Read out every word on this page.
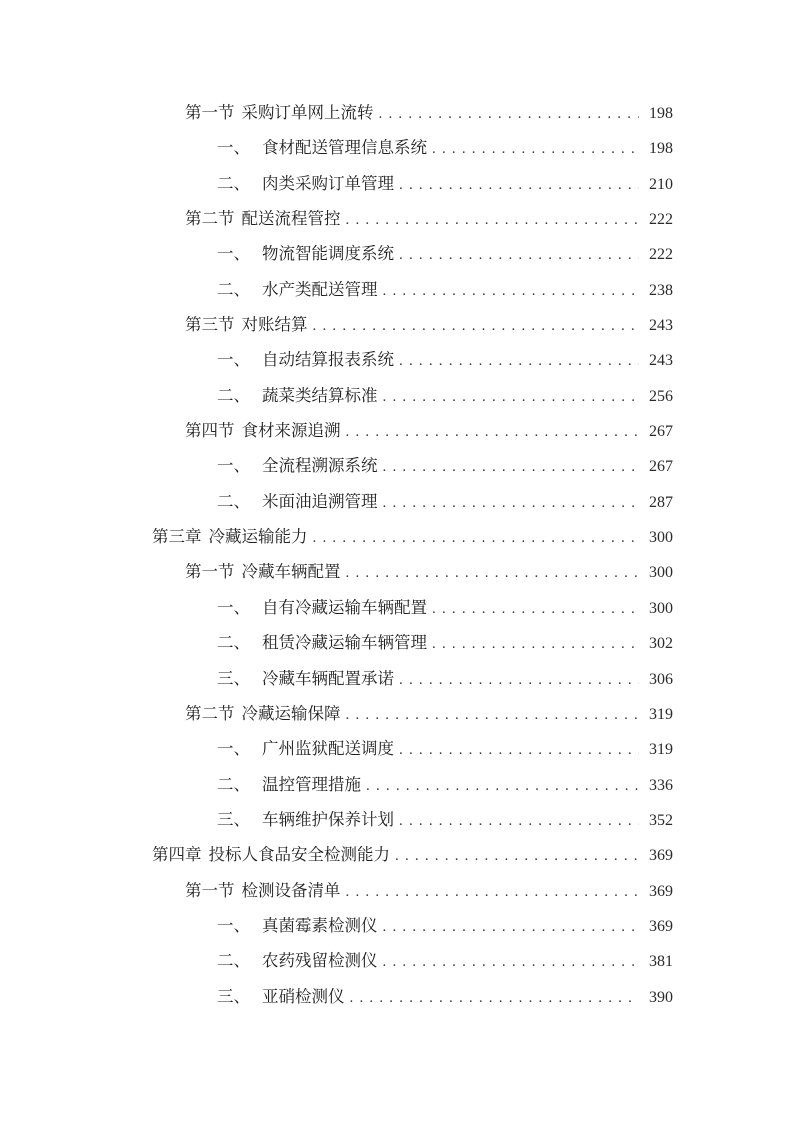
第一节 采购订单网上流转 .....	198
一、 食材配送管理信息系统 .....	198
二、 肉类采购订单管理 .....	210
第二节 配送流程管控 .....	222
一、 物流智能调度系统 .....	222
二、 水产类配送管理 .....	238
第三节 对账结算 .....	243
一、 自动结算报表系统 .....	243
二、 蔬菜类结算标准 .....	256
第四节 食材来源追溯 .....	267
一、 全流程溯源系统 .....	267
二、 米面油追溯管理 .....	287
第三章 冷藏运输能力 .....	300
第一节 冷藏车辆配置 .....	300
一、 自有冷藏运输车辆配置 .....	300
二、 租赁冷藏运输车辆管理 .....	302
三、 冷藏车辆配置承诺 .....	306
第二节 冷藏运输保障 .....	319
一、 广州监狱配送调度 .....	319
二、 温控管理措施 .....	336
三、 车辆维护保养计划 .....	352
第四章 投标人食品安全检测能力 .....	369
第一节 检测设备清单 .....	369
一、 真菌霉素检测仪 .....	369
二、 农药残留检测仪 .....	381
三、 亚硝检测仪 .....	390
